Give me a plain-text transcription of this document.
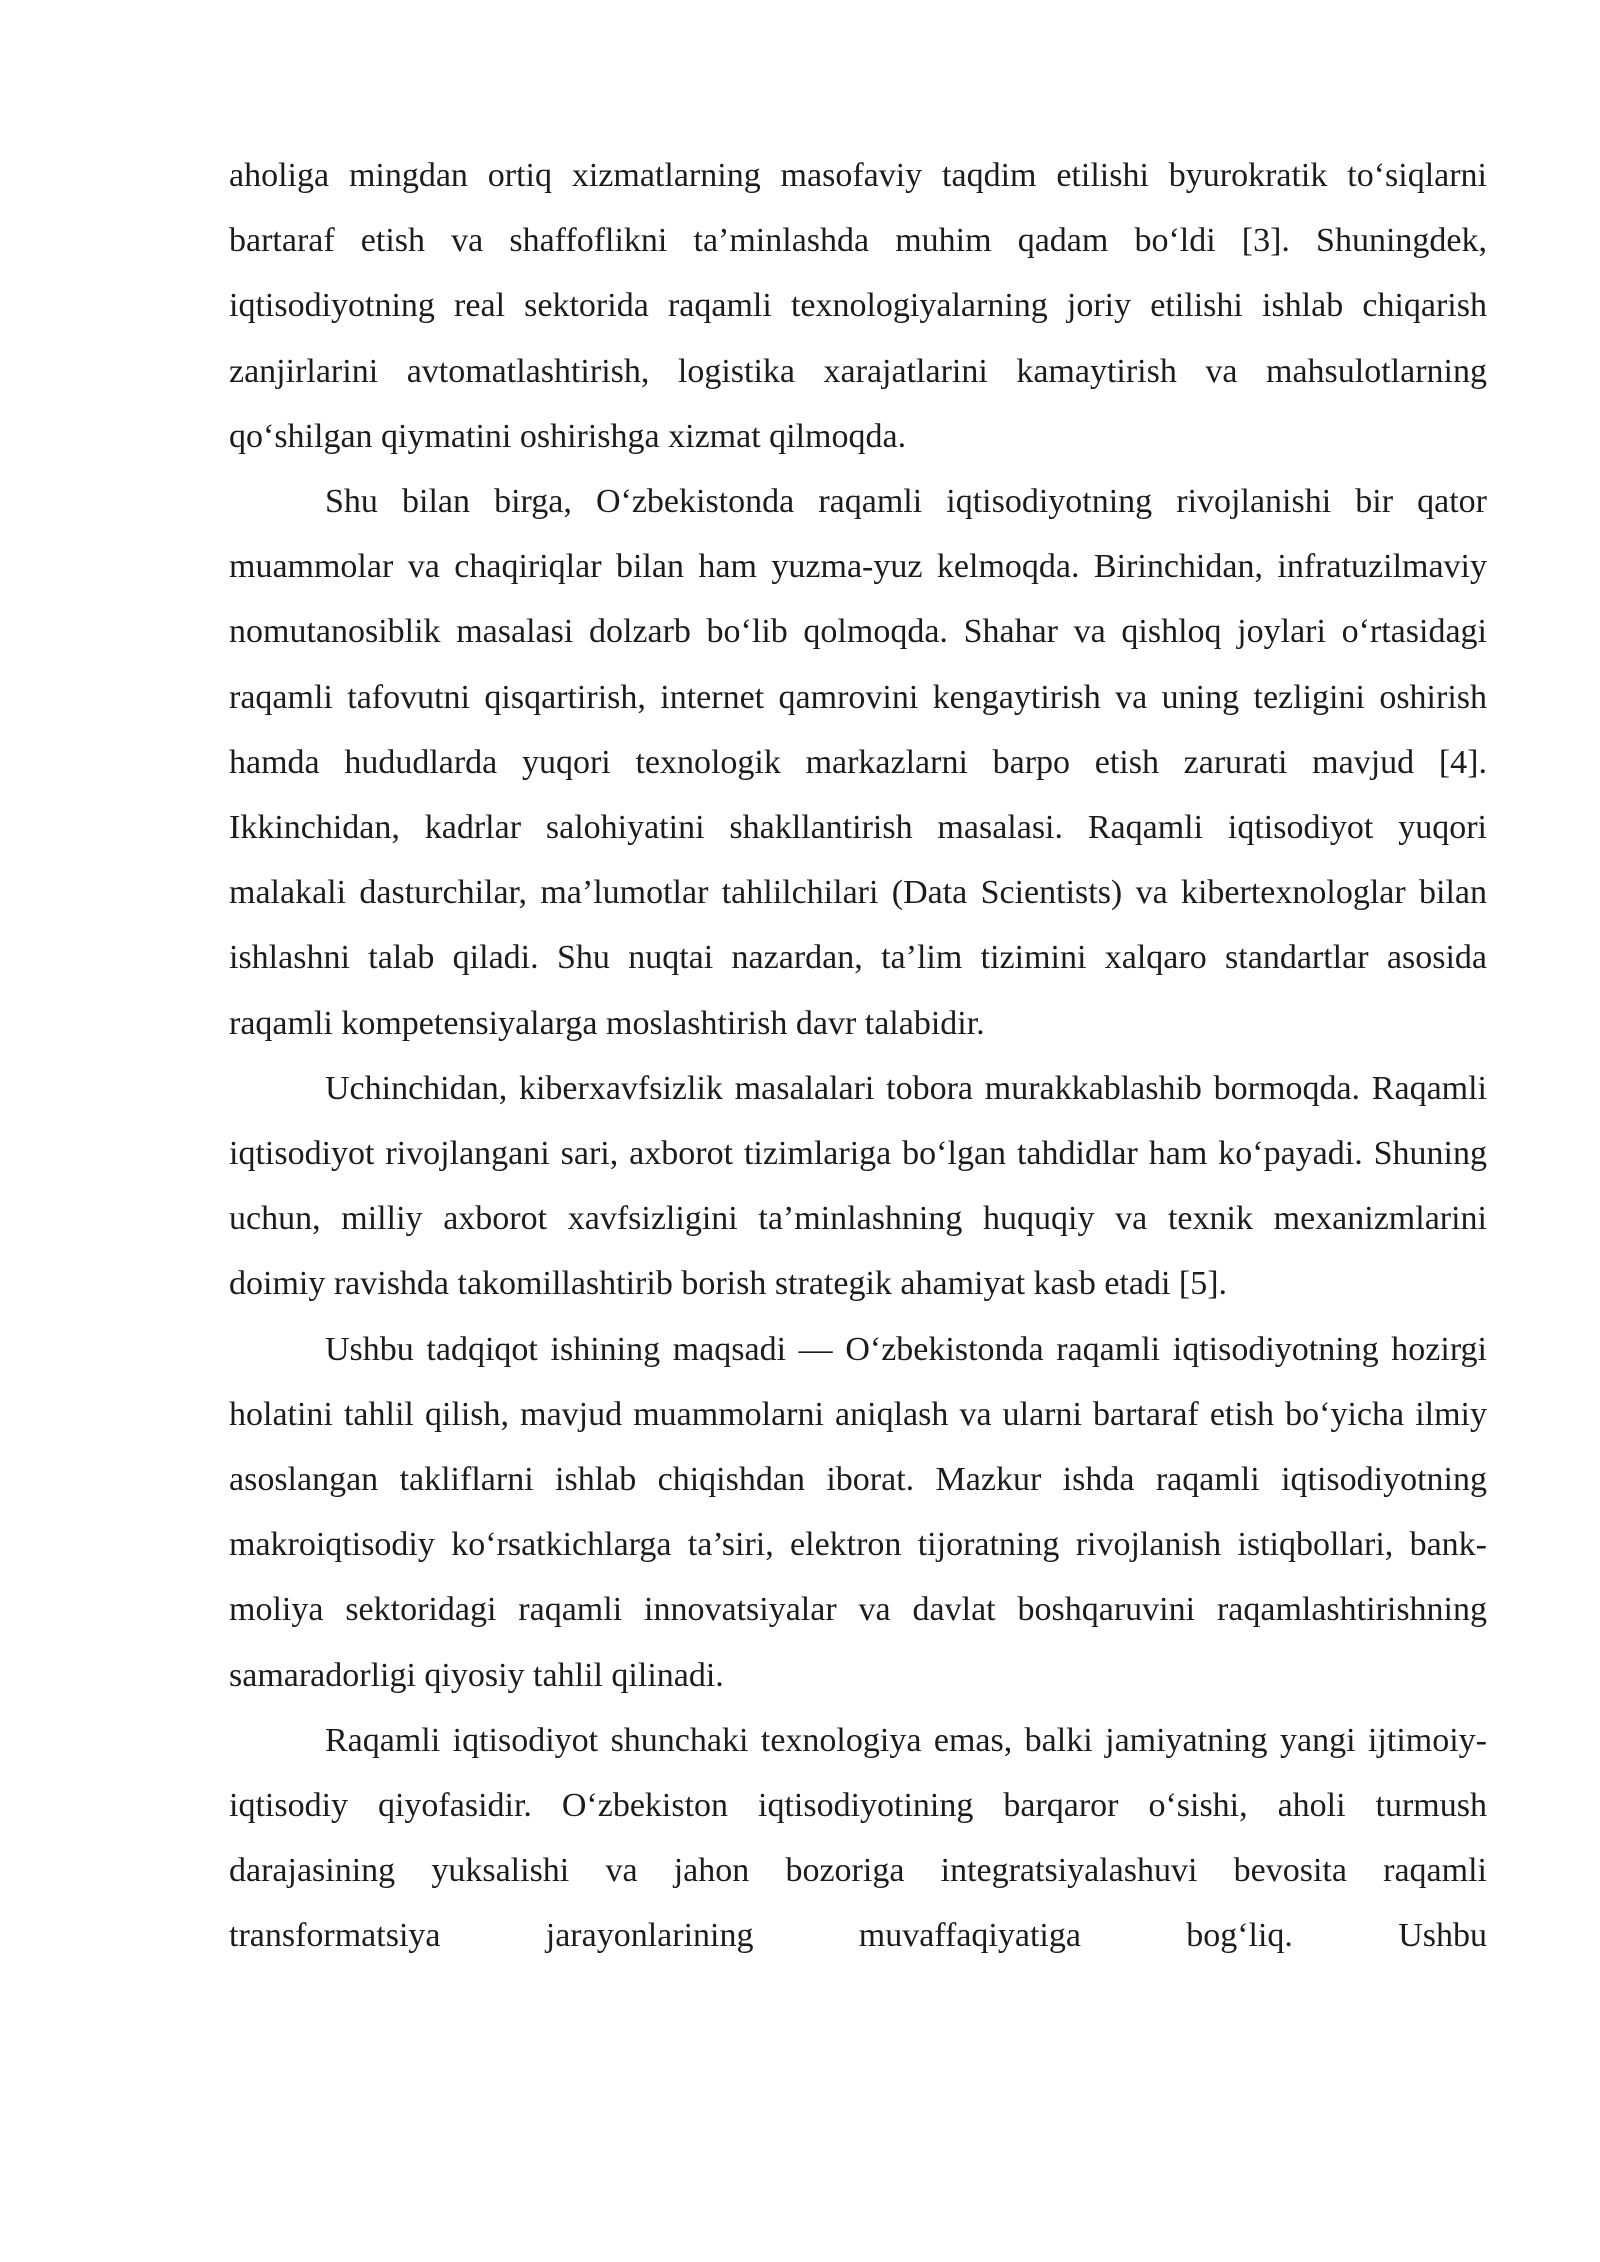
aholiga mingdan ortiq xizmatlarning masofaviy taqdim etilishi byurokratik to‘siqlarni bartaraf etish va shaffoflikni ta’minlashda muhim qadam bo‘ldi [3]. Shuningdek, iqtisodiyotning real sektorida raqamli texnologiyalarning joriy etilishi ishlab chiqarish zanjirlarini avtomatlashtirish, logistika xarajatlarini kamaytirish va mahsulotlarning qo‘shilgan qiymatini oshirishga xizmat qilmoqda.

Shu bilan birga, O‘zbekistonda raqamli iqtisodiyotning rivojlanishi bir qator muammolar va chaqiriqlar bilan ham yuzma-yuz kelmoqda. Birinchidan, infratuzilmaviy nomutanosiblik masalasi dolzarb bo‘lib qolmoqda. Shahar va qishloq joylari o‘rtasidagi raqamli tafovutni qisqartirish, internet qamrovini kengaytirish va uning tezligini oshirish hamda hududlarda yuqori texnologik markazlarni barpo etish zarurati mavjud [4]. Ikkinchidan, kadrlar salohiyatini shakllantirish masalasi. Raqamli iqtisodiyot yuqori malakali dasturchilar, ma’lumotlar tahlilchilari (Data Scientists) va kibertexnologlar bilan ishlashni talab qiladi. Shu nuqtai nazardan, ta’lim tizimini xalqaro standartlar asosida raqamli kompetensiyalarga moslashtirish davr talabidir.

Uchinchidan, kiberxavfsizlik masalalari tobora murakkablashib bormoqda. Raqamli iqtisodiyot rivojlangani sari, axborot tizimlariga bo‘lgan tahdidlar ham ko‘payadi. Shuning uchun, milliy axborot xavfsizligini ta’minlashning huquqiy va texnik mexanizmlarini doimiy ravishda takomillashtirib borish strategik ahamiyat kasb etadi [5].

Ushbu tadqiqot ishining maqsadi — O‘zbekistonda raqamli iqtisodiyotning hozirgi holatini tahlil qilish, mavjud muammolarni aniqlash va ularni bartaraf etish bo‘yicha ilmiy asoslangan takliflarni ishlab chiqishdan iborat. Mazkur ishda raqamli iqtisodiyotning makroiqtisodiy ko‘rsatkichlarga ta’siri, elektron tijoratning rivojlanish istiqbollari, bank-moliya sektoridagi raqamli innovatsiyalar va davlat boshqaruvini raqamlashtirishning samaradorligi qiyosiy tahlil qilinadi.

Raqamli iqtisodiyot shunchaki texnologiya emas, balki jamiyatning yangi ijtimoiy-iqtisodiy qiyofasidir. O‘zbekiston iqtisodiyotining barqaror o‘sishi, aholi turmush darajasining yuksalishi va jahon bozoriga integratsiyalashuvi bevosita raqamli transformatsiya jarayonlarining muvaffaqiyatiga bog‘liq. Ushbu
